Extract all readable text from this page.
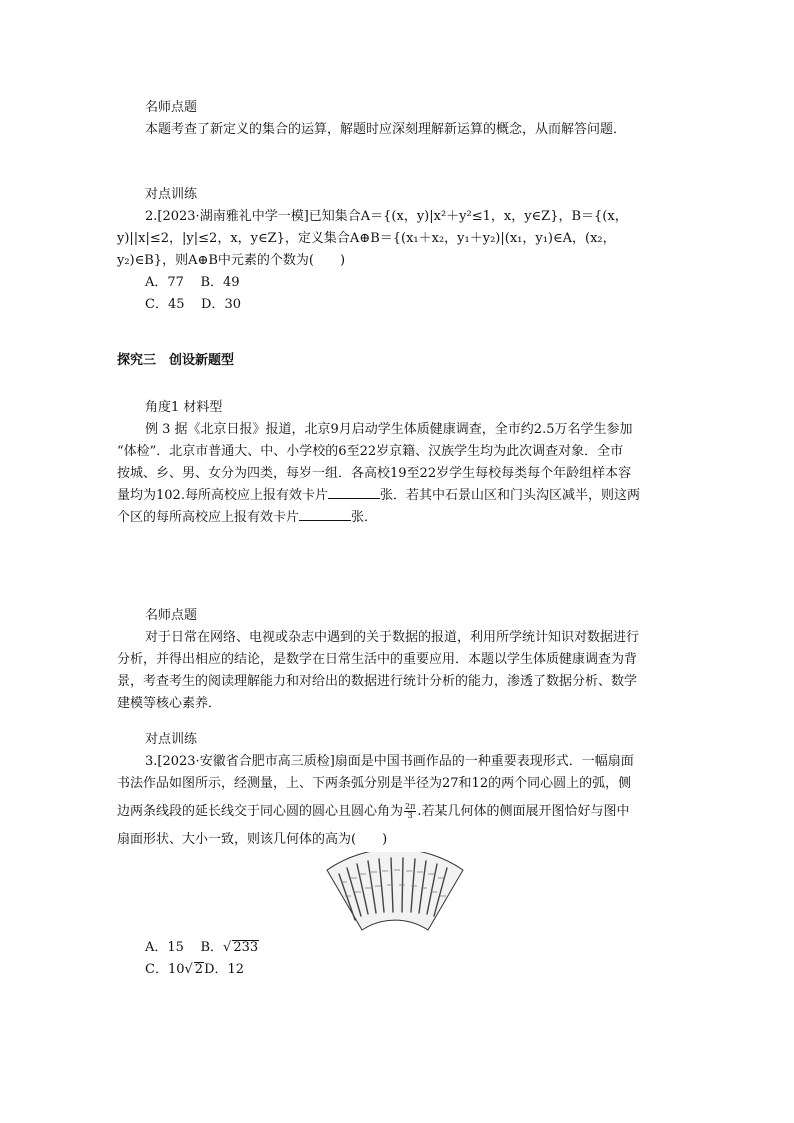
名师点题

本题考查了新定义的集合的运算，解题时应深刻理解新运算的概念，从而解答问题．

对点训练

2.[2023·湖南雅礼中学一模]已知集合A＝{(x，y)|x²＋y²≤1，x，y∈Z}，B＝{(x，

y)||x|≤2，|y|≤2，x，y∈Z}，定义集合A⊕B＝{(x₁＋x₂，y₁＋y₂)|(x₁，y₁)∈A，(x₂，

y₂)∈B}，则A⊕B中元素的个数为(　　)

A．77 B．49

C．45 D．30

探究三　创设新题型

角度1 材料型

例 3 据《北京日报》报道，北京9月启动学生体质健康调查，全市约2.5万名学生参加

“体检”．北京市普通大、中、小学校的6至22岁京籍、汉族学生均为此次调查对象．全市

按城、乡、男、女分为四类，每岁一组．各高校19至22岁学生每校每类每个年龄组样本容

量均为102.每所高校应上报有效卡片	张．若其中石景山区和门头沟区减半，则这两

个区的每所高校应上报有效卡片	张．

名师点题

对于日常在网络、电视或杂志中遇到的关于数据的报道，利用所学统计知识对数据进行

分析，并得出相应的结论，是数学在日常生活中的重要应用．本题以学生体质健康调查为背

景，考查考生的阅读理解能力和对给出的数据进行统计分析的能力，渗透了数据分析、数学

建模等核心素养．

对点训练

3.[2023·安徽省合肥市高三质检]扇面是中国书画作品的一种重要表现形式．一幅扇面

书法作品如图所示，经测量，上、下两条弧分别是半径为27和12的两个同心圆上的弧，侧

边两条线段的延长线交于同心圆的圆心且圆心角为 $\frac{2\pi}{3}$ .若某几何体的侧面展开图恰好与图中

扇面形状、大小一致，则该几何体的高为(　　)

A．15 B．√ 233

C．10√ 2D．12
